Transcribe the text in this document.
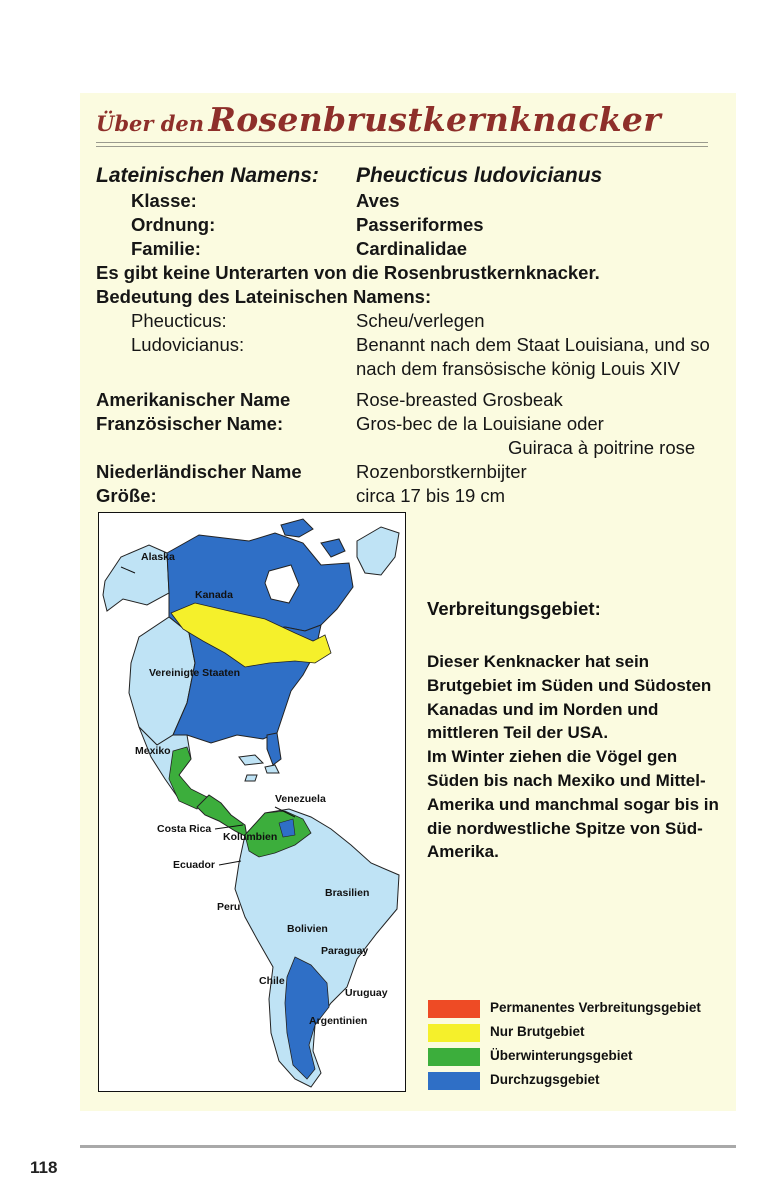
Über den Rosenbrustkernknacker
Lateinischen Namens: Pheucticus ludovicianus
Klasse:	Aves
Ordnung:	Passeriformes
Familie:	Cardinalidae
Es gibt keine Unterarten von die Rosenbrustkernknacker.
Bedeutung des Lateinischen Namens:
Pheucticus:	Scheu/verlegen
Ludovicianus:	Benannt nach dem Staat Louisiana, und so
nach dem fransösische könig Louis XIV
Amerikanischer Name	Rose-breasted Grosbeak
Französischer Name:	Gros-bec de la Louisiane oder
Guiraca à poitrine rose
Niederländischer Name	Rozenborstkernbijter
Größe:	circa 17 bis 19 cm
Alaska
Kanada
Vereinigte Staaten
Mexiko
Venezuela
Costa Rica
Kolumbien
Ecuador
Brasilien
Peru
Bolivien
Paraguay
Chile
Uruguay
Argentinien
Verbreitungsgebiet:

Dieser Kenknacker hat sein Brutgebiet im Süden und Südosten Kanadas und im Norden und mittleren Teil der USA.

Im Winter ziehen die Vögel gen Süden bis nach Mexiko und Mittel-Amerika und manchmal sogar bis in die nordwestliche Spitze von Süd-Amerika.

Permanentes Verbreitungsgebiet
Nur Brutgebiet
Überwinterungsgebiet
Durchzugsgebiet
118
